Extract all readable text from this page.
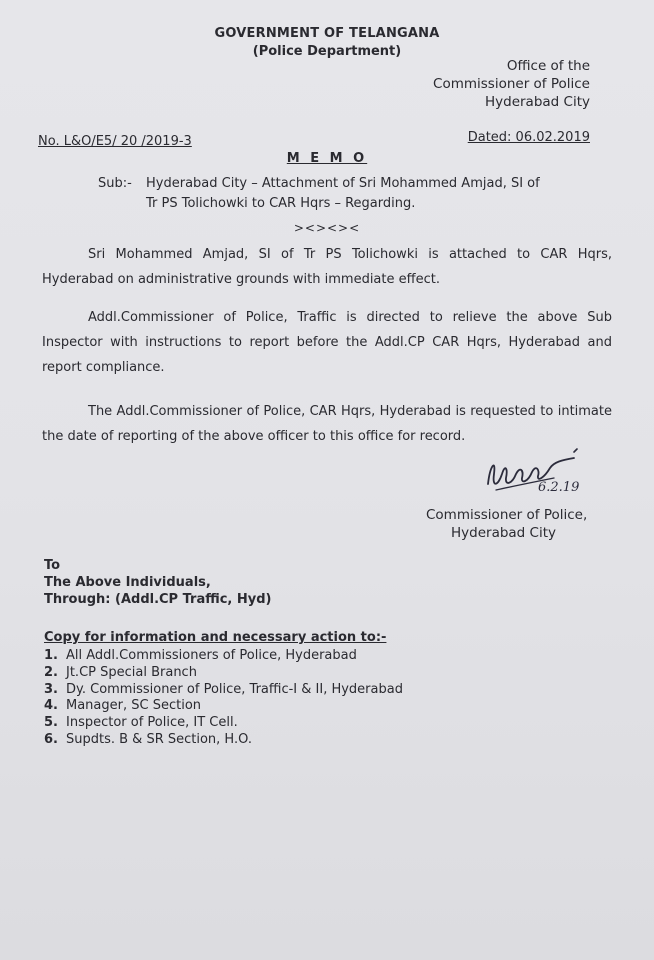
GOVERNMENT OF TELANGANA
(Police Department)
Office of the
Commissioner of Police
Hyderabad City
No. L&O/E5/ 20 /2019-3	Dated: 06.02.2019
M E M O
Sub:- Hyderabad City – Attachment of Sri Mohammed Amjad, SI of
Tr PS Tolichowki to CAR Hqrs – Regarding.
><><><

Sri Mohammed Amjad, SI of Tr PS Tolichowki is attached to CAR Hqrs, Hyderabad on administrative grounds with immediate effect.

Addl.Commissioner of Police, Traffic is directed to relieve the above Sub Inspector with instructions to report before the Addl.CP CAR Hqrs, Hyderabad and report compliance.

The Addl.Commissioner of Police, CAR Hqrs, Hyderabad is requested to intimate the date of reporting of the above officer to this office for record.

6.2.19
Commissioner of Police,
Hyderabad City
To
The Above Individuals,
Through: (Addl.CP Traffic, Hyd)
Copy for information and necessary action to:-
1. All Addl.Commissioners of Police, Hyderabad
2. Jt.CP Special Branch
3. Dy. Commissioner of Police, Traffic-I & II, Hyderabad
4. Manager, SC Section
5. Inspector of Police, IT Cell.
6. Supdts. B & SR Section, H.O.
